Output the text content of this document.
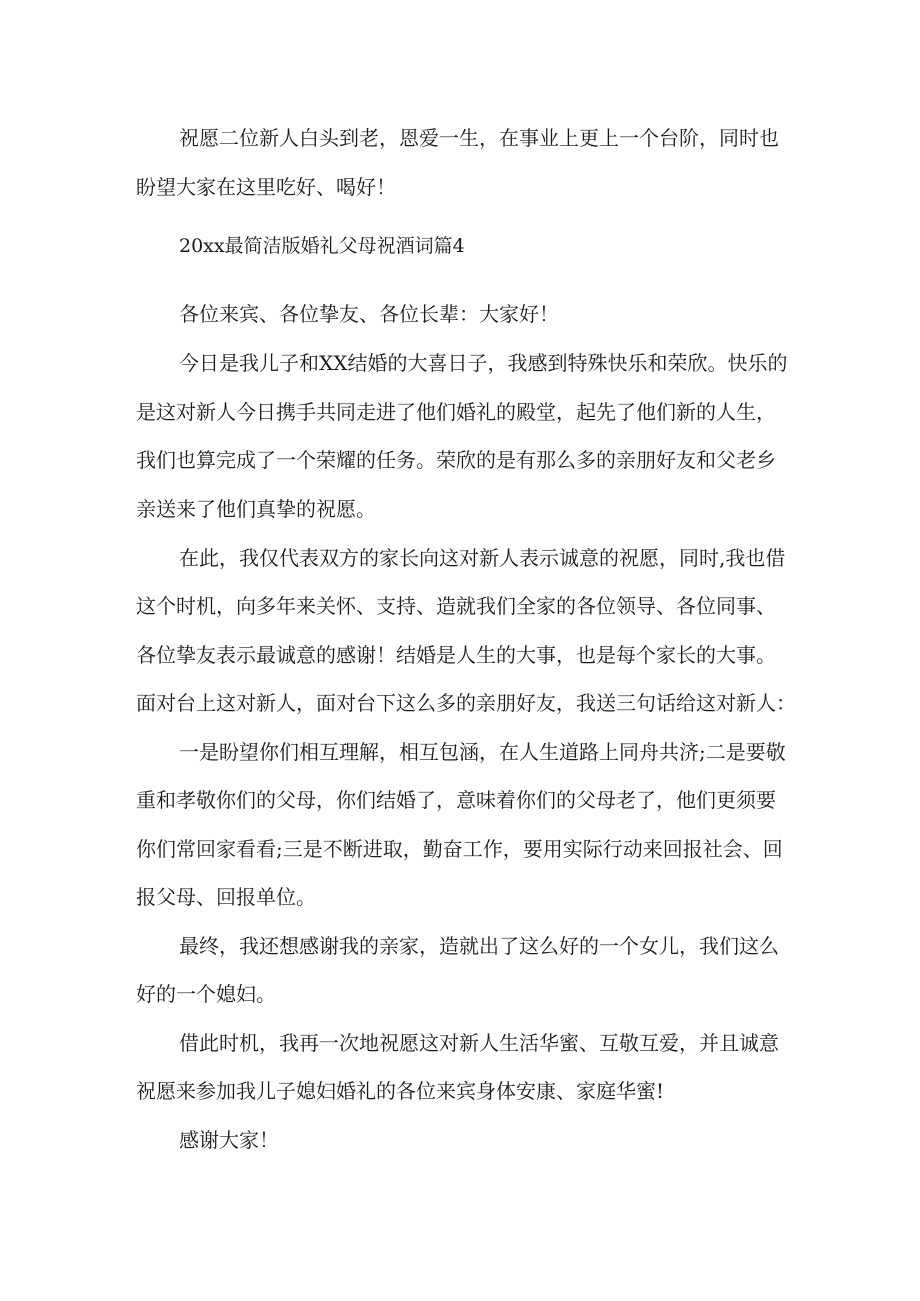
祝愿二位新人白头到老，恩爱一生，在事业上更上一个台阶，同时也
盼望大家在这里吃好、喝好！
20xx最简洁版婚礼父母祝酒词篇4
各位来宾、各位挚友、各位长辈：大家好！
今日是我儿子和XX结婚的大喜日子，我感到特殊快乐和荣欣。快乐的
是这对新人今日携手共同走进了他们婚礼的殿堂，起先了他们新的人生，
我们也算完成了一个荣耀的任务。荣欣的是有那么多的亲朋好友和父老乡
亲送来了他们真挚的祝愿。
在此，我仅代表双方的家长向这对新人表示诚意的祝愿，同时,我也借
这个时机，向多年来关怀、支持、造就我们全家的各位领导、各位同事、
各位挚友表示最诚意的感谢！结婚是人生的大事，也是每个家长的大事。
面对台上这对新人，面对台下这么多的亲朋好友，我送三句话给这对新人：
一是盼望你们相互理解，相互包涵，在人生道路上同舟共济;二是要敬
重和孝敬你们的父母，你们结婚了，意味着你们的父母老了，他们更须要
你们常回家看看;三是不断进取，勤奋工作，要用实际行动来回报社会、回
报父母、回报单位。
最终，我还想感谢我的亲家，造就出了这么好的一个女儿，我们这么
好的一个媳妇。
借此时机，我再一次地祝愿这对新人生活华蜜、互敬互爱，并且诚意
祝愿来参加我儿子媳妇婚礼的各位来宾身体安康、家庭华蜜!
感谢大家！
